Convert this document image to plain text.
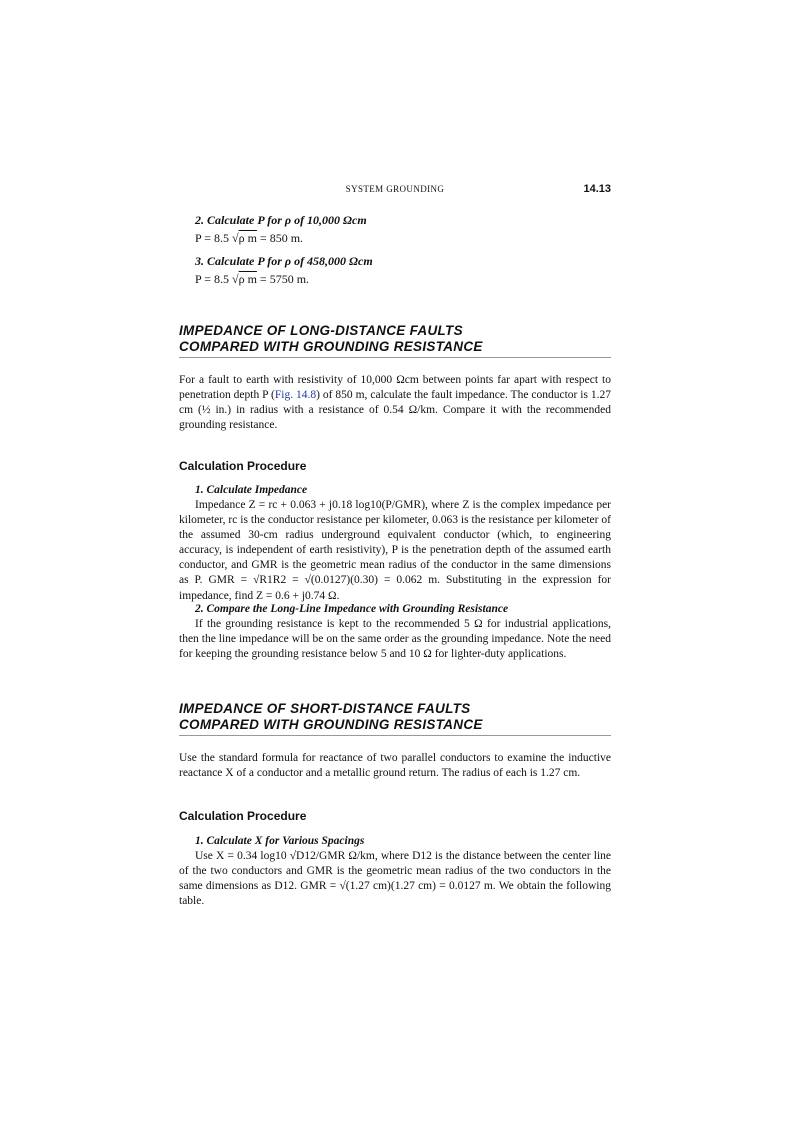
SYSTEM GROUNDING	14.13

2. Calculate P for ρ of 10,000 Ωcm

P = 8.5 √ρ m = 850 m.

3. Calculate P for ρ of 458,000 Ωcm

P = 8.5 √ρ m = 5750 m.

IMPEDANCE OF LONG-DISTANCE FAULTS
COMPARED WITH GROUNDING RESISTANCE

For a fault to earth with resistivity of 10,000 Ωcm between points far apart with respect to penetration depth P (Fig. 14.8) of 850 m, calculate the fault impedance. The conductor is 1.27 cm (½ in.) in radius with a resistance of 0.54 Ω/km. Compare it with the recommended grounding resistance.

Calculation Procedure

1. Calculate Impedance

Impedance Z = rc + 0.063 + j0.18 log10(P/GMR), where Z is the complex impedance per kilometer, rc is the conductor resistance per kilometer, 0.063 is the resistance per kilometer of the assumed 30-cm radius underground equivalent conductor (which, to engineering accuracy, is independent of earth resistivity), P is the penetration depth of the assumed earth conductor, and GMR is the geometric mean radius of the conductor in the same dimensions as P. GMR = √R1R2 = √(0.0127)(0.30) = 0.062 m. Substituting in the expression for impedance, find Z = 0.6 + j0.74 Ω.

2. Compare the Long-Line Impedance with Grounding Resistance

If the grounding resistance is kept to the recommended 5 Ω for industrial applications, then the line impedance will be on the same order as the grounding impedance. Note the need for keeping the grounding resistance below 5 and 10 Ω for lighter-duty applications.

IMPEDANCE OF SHORT-DISTANCE FAULTS
COMPARED WITH GROUNDING RESISTANCE

Use the standard formula for reactance of two parallel conductors to examine the inductive reactance X of a conductor and a metallic ground return. The radius of each is 1.27 cm.

Calculation Procedure

1. Calculate X for Various Spacings

Use X = 0.34 log10 √D12/GMR Ω/km, where D12 is the distance between the center line of the two conductors and GMR is the geometric mean radius of the two conductors in the same dimensions as D12. GMR = √(1.27 cm)(1.27 cm) = 0.0127 m. We obtain the following table.
